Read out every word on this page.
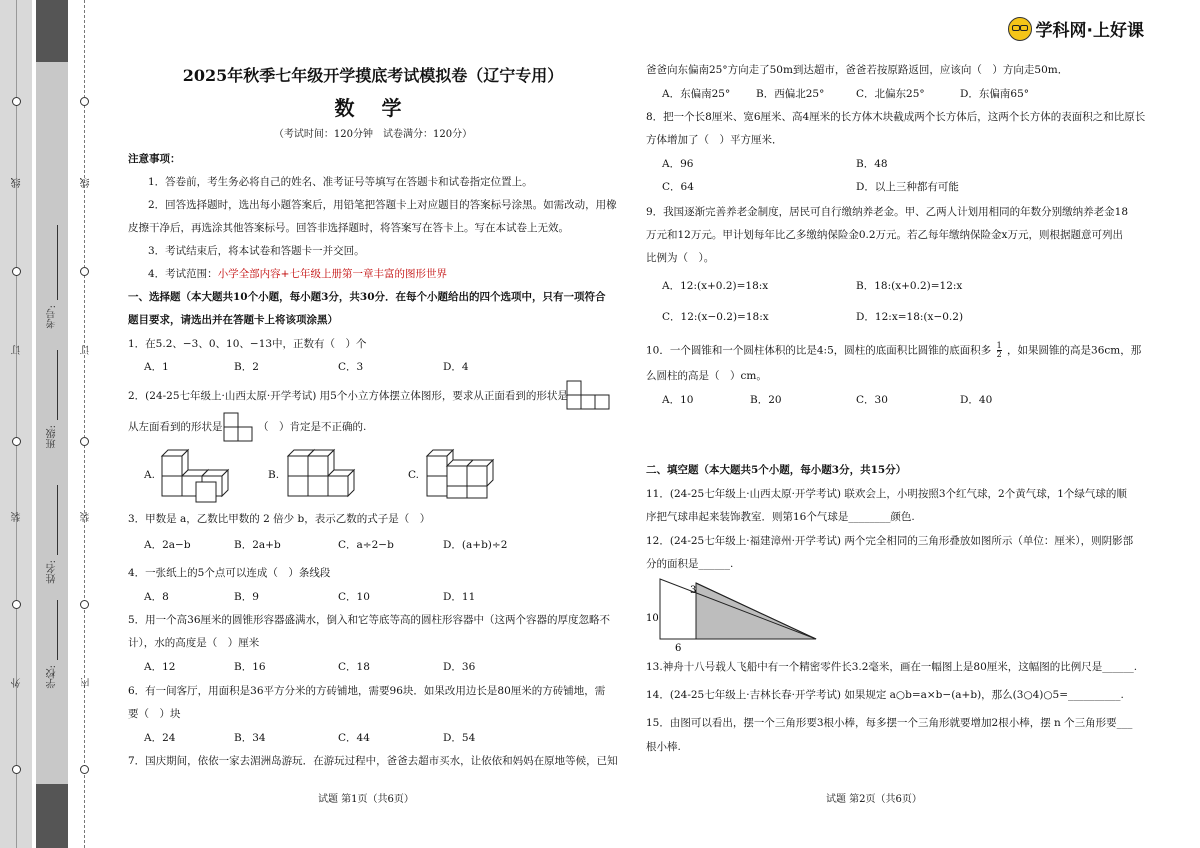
外
装
订
线
内
装
订
线
学校:
姓名:
班级:
考号:
学科网·上好课
2025年秋季七年级开学摸底考试模拟卷（辽宁专用）
数 学
（考试时间：120分钟　试卷满分：120分）
注意事项：
1．答卷前，考生务必将自己的姓名、准考证号等填写在答题卡和试卷指定位置上。
2．回答选择题时，选出每小题答案后，用铅笔把答题卡上对应题目的答案标号涂黑。如需改动，用橡
皮擦干净后，再选涂其他答案标号。回答非选择题时，将答案写在答卡上。写在本试卷上无效。
3．考试结束后，将本试卷和答题卡一并交回。
4．考试范围：小学全部内容+七年级上册第一章丰富的图形世界
一、选择题（本大题共10个小题，每小题3分，共30分．在每个小题给出的四个选项中，只有一项符合
题目要求，请选出并在答题卡上将该项涂黑）
1．在5.2、−3、0、10、−13中，正数有（　）个
A．1	B．2	C．3	D．4
2．(24-25七年级上·山西太原·开学考试) 用5个小立方体摆立体图形，要求从正面看到的形状是
从左面看到的形状是	（　）肯定是不正确的.
A.	B.	C.
3．甲数是 a，乙数比甲数的 2 倍少 b，表示乙数的式子是（　）
A．2a−b	B．2a+b	C．a÷2−b	D．(a+b)÷2
4．一张纸上的5个点可以连成（　）条线段
A．8	B．9	C．10	D．11
5．用一个高36厘米的圆锥形容器盛满水，倒入和它等底等高的圆柱形容器中（这两个容器的厚度忽略不
计），水的高度是（　）厘米
A．12	B．16	C．18	D．36
6．有一间客厅，用面积是36平方分米的方砖铺地，需要96块．如果改用边长是80厘米的方砖铺地，需
要（　）块
A．24	B．34	C．44	D．54
7．国庆期间，依依一家去湄洲岛游玩．在游玩过程中，爸爸去超市买水，让依依和妈妈在原地等候，已知
试题 第1页（共6页）
爸爸向东偏南25°方向走了50m到达超市，爸爸若按原路返回，应该向（　）方向走50m．
A．东偏南25° B．西偏北25°	C．北偏东25°	D．东偏南65°
8．把一个长8厘米、宽6厘米、高4厘米的长方体木块截成两个长方体后，这两个长方体的表面积之和比原长
方体增加了（　）平方厘米．
A．96	B．48
C．64	D．以上三种都有可能
9．我国逐渐完善养老金制度，居民可自行缴纳养老金。甲、乙两人计划用相同的年数分别缴纳养老金18
万元和12万元。甲计划每年比乙多缴纳保险金0.2万元。若乙每年缴纳保险金x万元，则根据题意可列出
比例为（　）。
A．12:(x+0.2)=18:x	B．18:(x+0.2)=12:x
C．12:(x−0.2)=18:x	D．12:x=18:(x−0.2)
10．一个圆锥和一个圆柱体积的比是4:5，圆柱的底面积比圆锥的底面积多 $\frac{1}{2}$ ，如果圆锥的高是36cm，那
么圆柱的高是（　）cm。
A．10	B．20	C．30	D．40
二、填空题（本大题共5个小题，每小题3分，共15分）
11．(24-25七年级上·山西太原·开学考试) 联欢会上，小明按照3个红气球，2个黄气球，1个绿气球的顺
序把气球串起来装饰教室．则第16个气球是________颜色.
12．(24-25七年级上·福建漳州·开学考试) 两个完全相同的三角形叠放如图所示（单位：厘米），则阴影部
分的面积是______.
3
10
6
13.神舟十八号载人飞船中有一个精密零件长3.2毫米，画在一幅图上是80厘米，这幅图的比例尺是______.
14．(24-25七年级上·吉林长春·开学考试) 如果规定 a○b=a×b−(a+b)，那么(3○4)○5=__________.
15．由图可以看出，摆一个三角形要3根小棒，每多摆一个三角形就要增加2根小棒，摆 n 个三角形要___
根小棒.
试题 第2页（共6页）
